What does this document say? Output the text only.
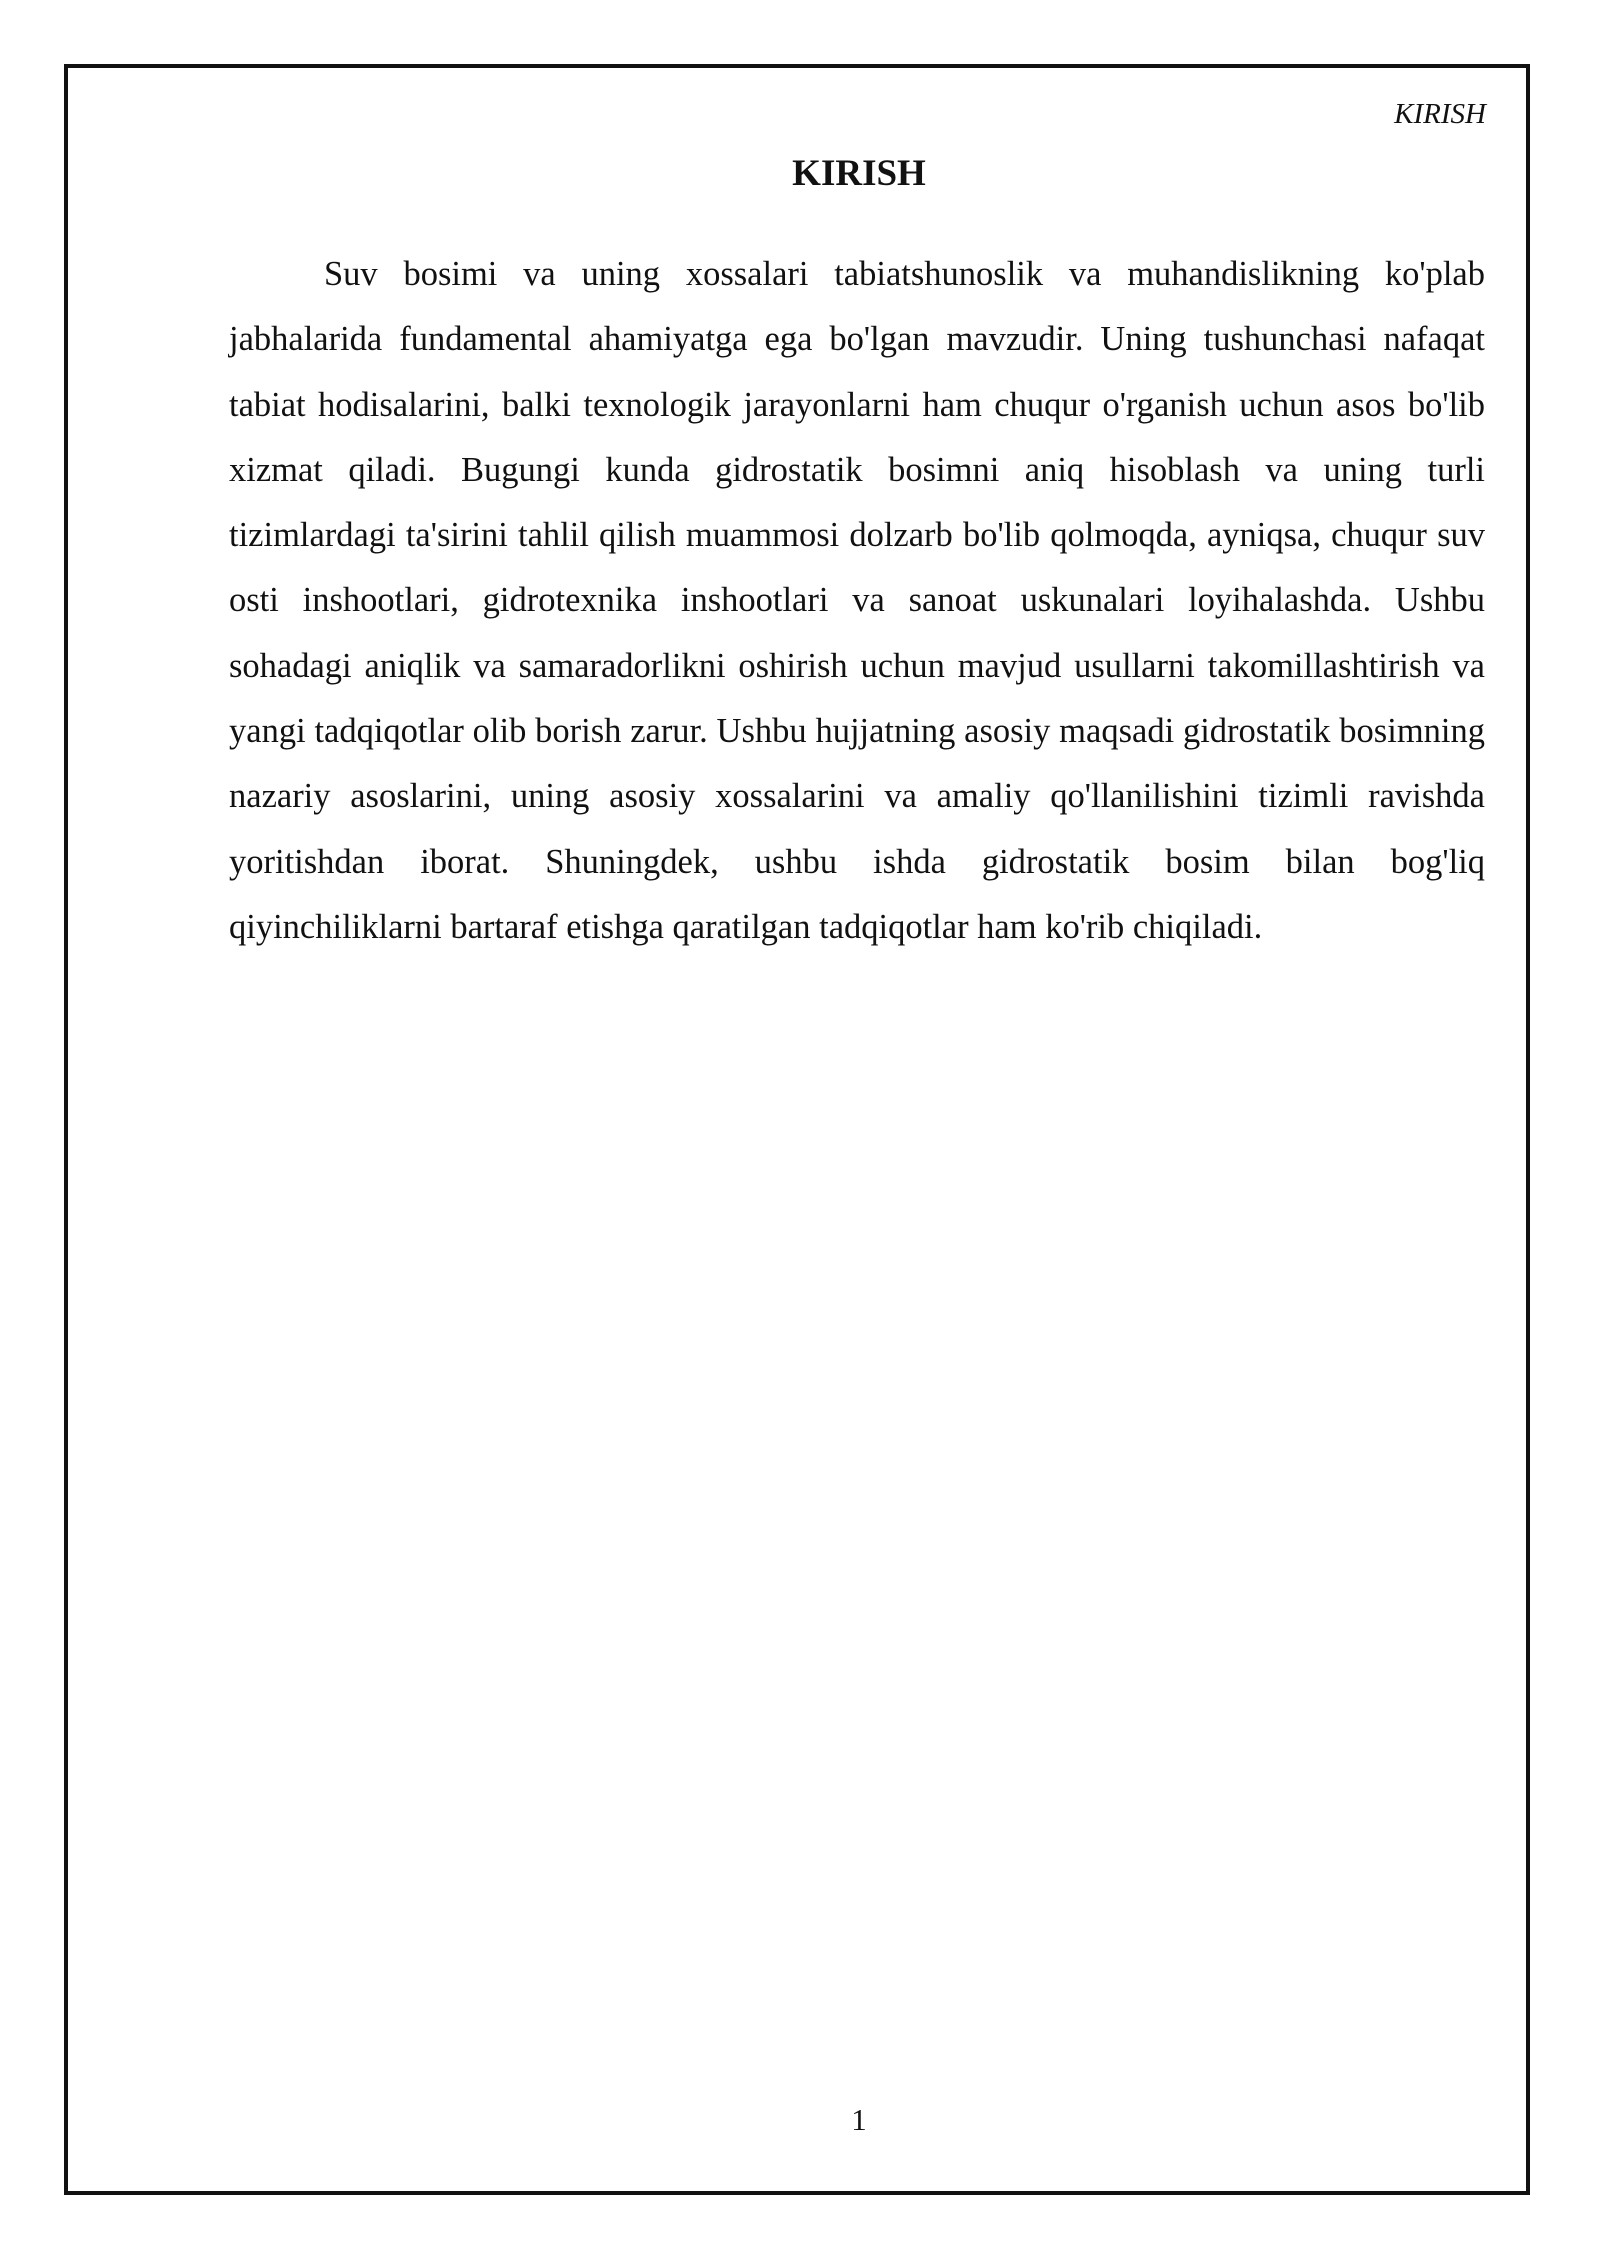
KIRISH
KIRISH

Suv bosimi va uning xossalari tabiatshunoslik va muhandislikning ko'plab jabhalarida fundamental ahamiyatga ega bo'lgan mavzudir. Uning tushunchasi nafaqat tabiat hodisalarini, balki texnologik jarayonlarni ham chuqur o'rganish uchun asos bo'lib xizmat qiladi. Bugungi kunda gidrostatik bosimni aniq hisoblash va uning turli tizimlardagi ta'sirini tahlil qilish muammosi dolzarb bo'lib qolmoqda, ayniqsa, chuqur suv osti inshootlari, gidrotexnika inshootlari va sanoat uskunalari loyihalashda. Ushbu sohadagi aniqlik va samaradorlikni oshirish uchun mavjud usullarni takomillashtirish va yangi tadqiqotlar olib borish zarur. Ushbu hujjatning asosiy maqsadi gidrostatik bosimning nazariy asoslarini, uning asosiy xossalarini va amaliy qo'llanilishini tizimli ravishda yoritishdan iborat. Shuningdek, ushbu ishda gidrostatik bosim bilan bog'liq qiyinchiliklarni bartaraf etishga qaratilgan tadqiqotlar ham ko'rib chiqiladi.

1
